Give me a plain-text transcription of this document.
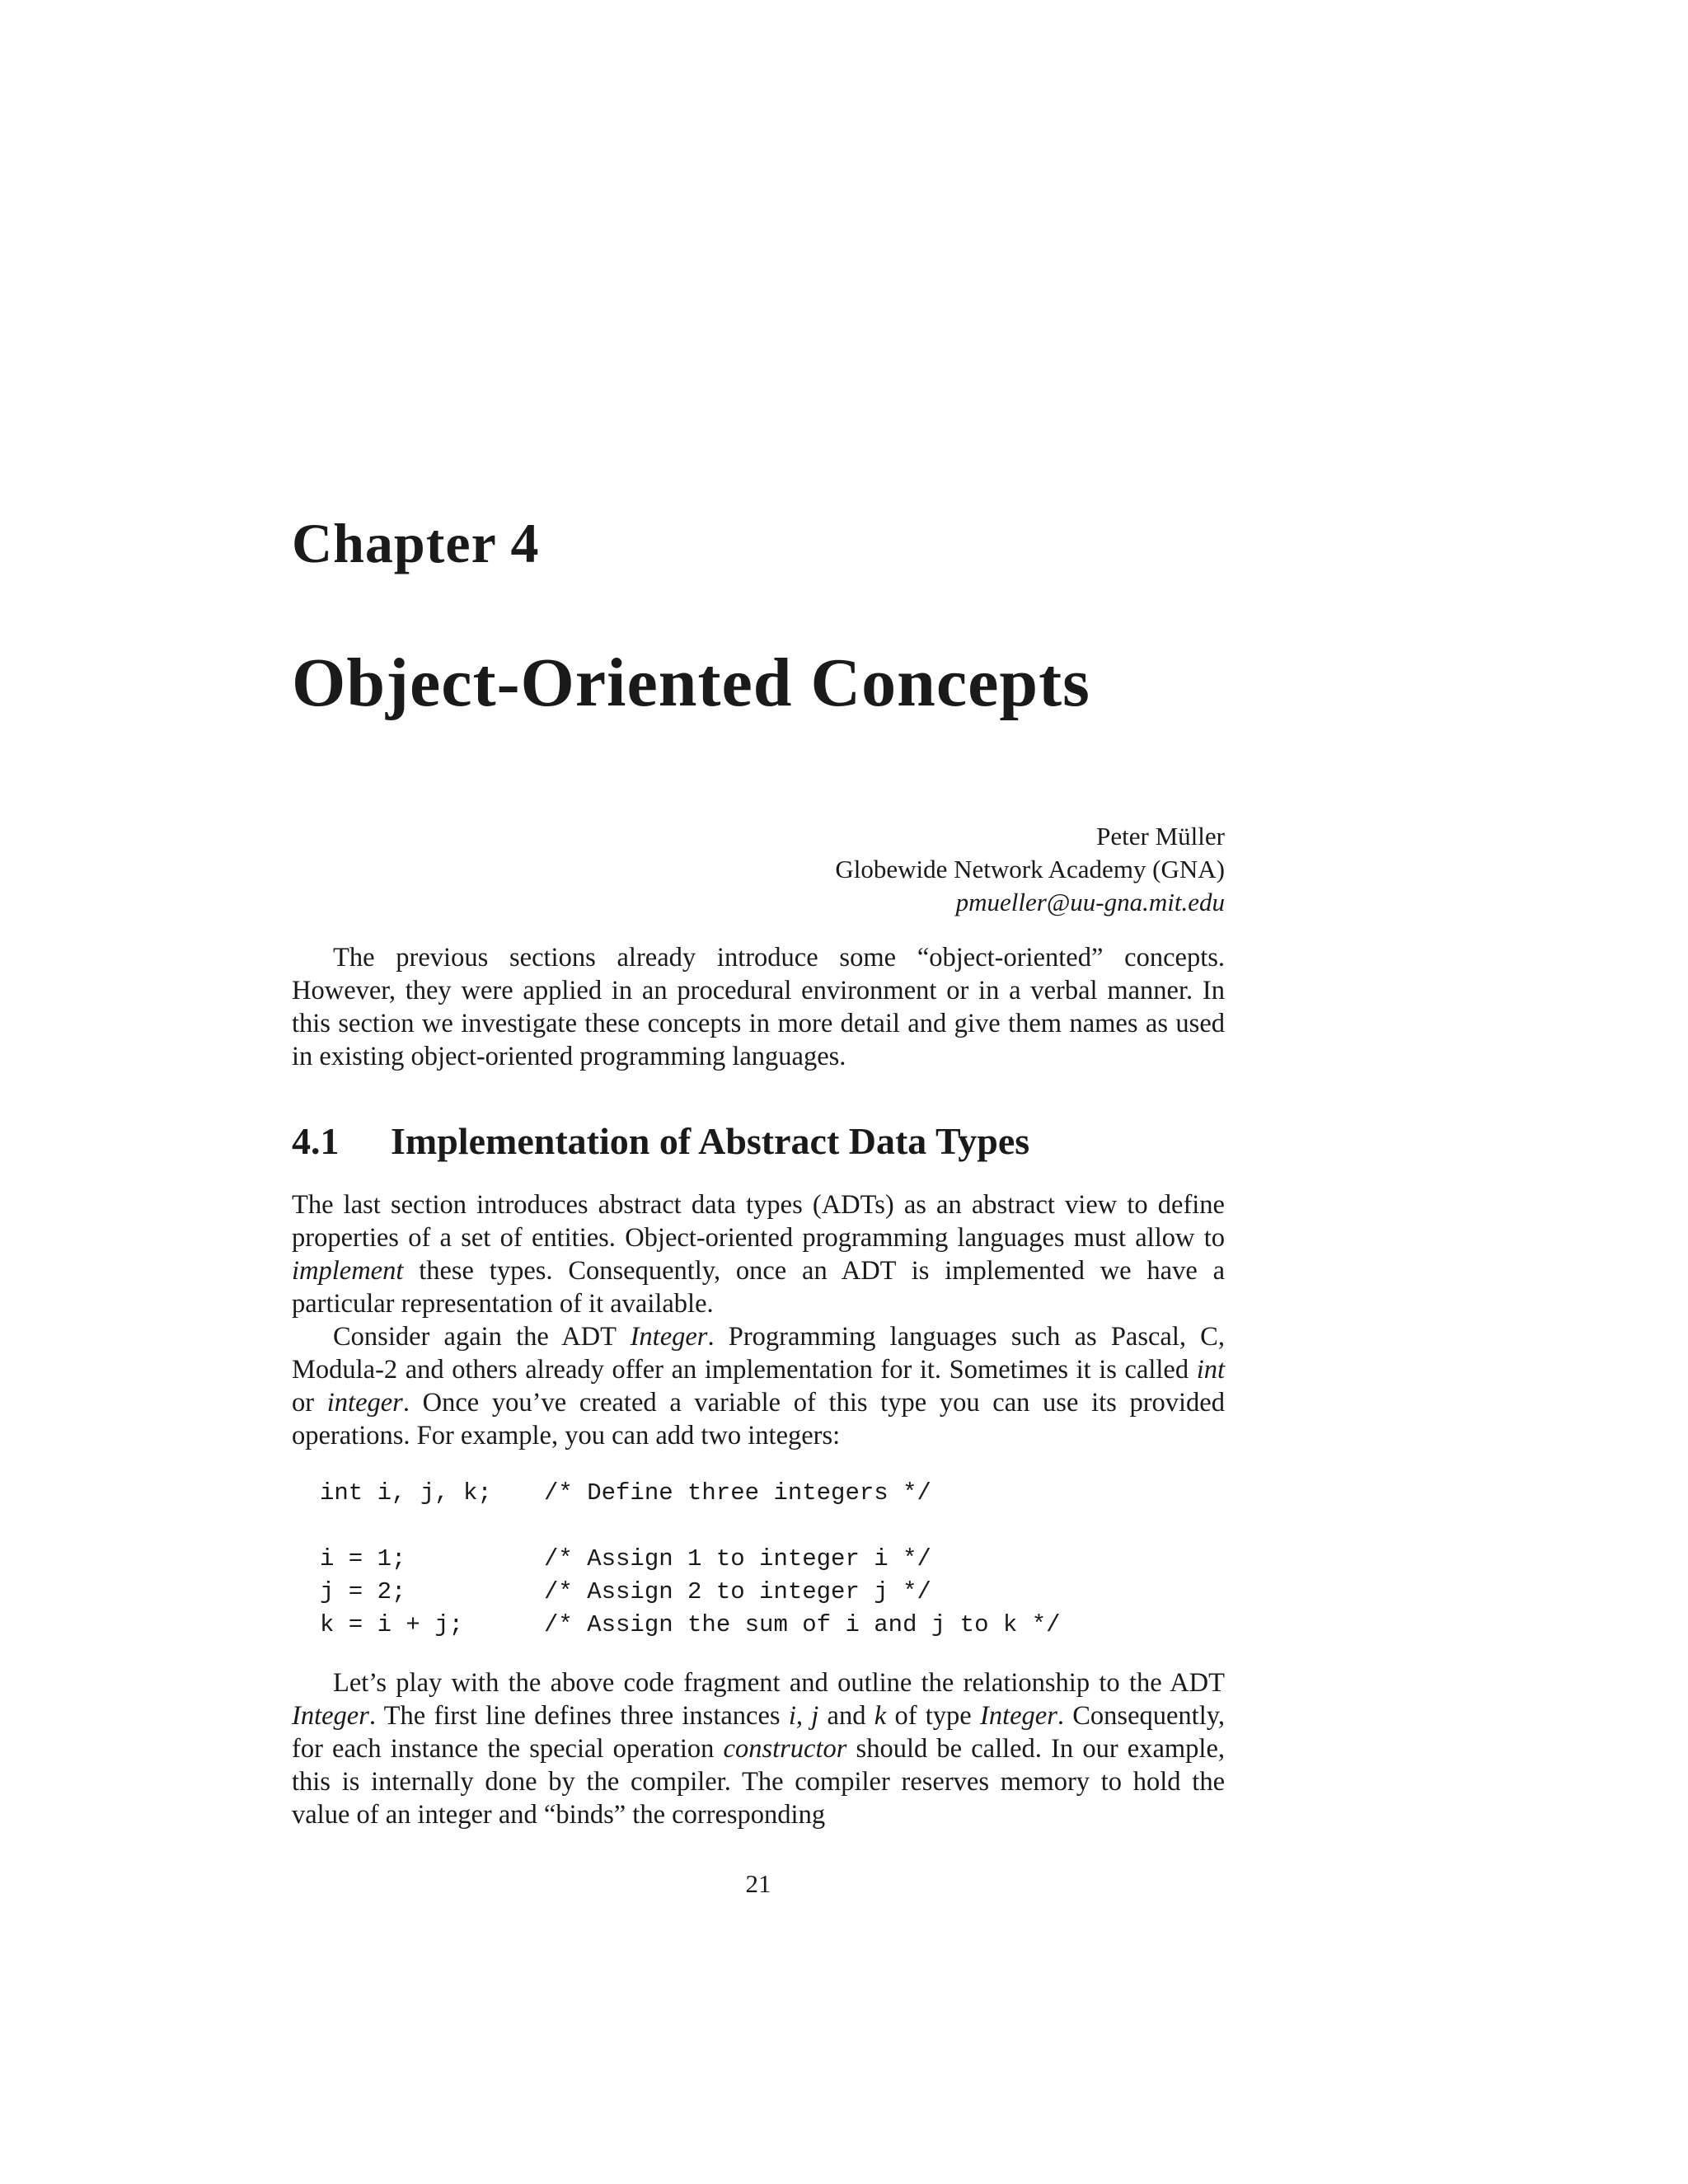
Chapter 4
Object-Oriented Concepts
Peter Müller
Globewide Network Academy (GNA)
pmueller@uu-gna.mit.edu

The previous sections already introduce some “object-oriented” concepts. However, they were applied in an procedural environment or in a verbal manner. In this section we investigate these concepts in more detail and give them names as used in existing object-oriented programming languages.

4.1 Implementation of Abstract Data Types

The last section introduces abstract data types (ADTs) as an abstract view to define properties of a set of entities. Object-oriented programming languages must allow to implement these types. Consequently, once an ADT is implemented we have a particular representation of it available.

Consider again the ADT Integer. Programming languages such as Pascal, C, Modula-2 and others already offer an implementation for it. Sometimes it is called int or integer. Once you’ve created a variable of this type you can use its provided operations. For example, you can add two integers:

int i, j, k; /* Define three integers */
i = 1;	/* Assign 1 to integer i */
j = 2;	/* Assign 2 to integer j */
k = i + j;	/* Assign the sum of i and j to k */

Let’s play with the above code fragment and outline the relationship to the ADT Integer. The first line defines three instances i, j and k of type Integer. Consequently, for each instance the special operation constructor should be called. In our example, this is internally done by the compiler. The compiler reserves memory to hold the value of an integer and “binds” the corresponding

21
